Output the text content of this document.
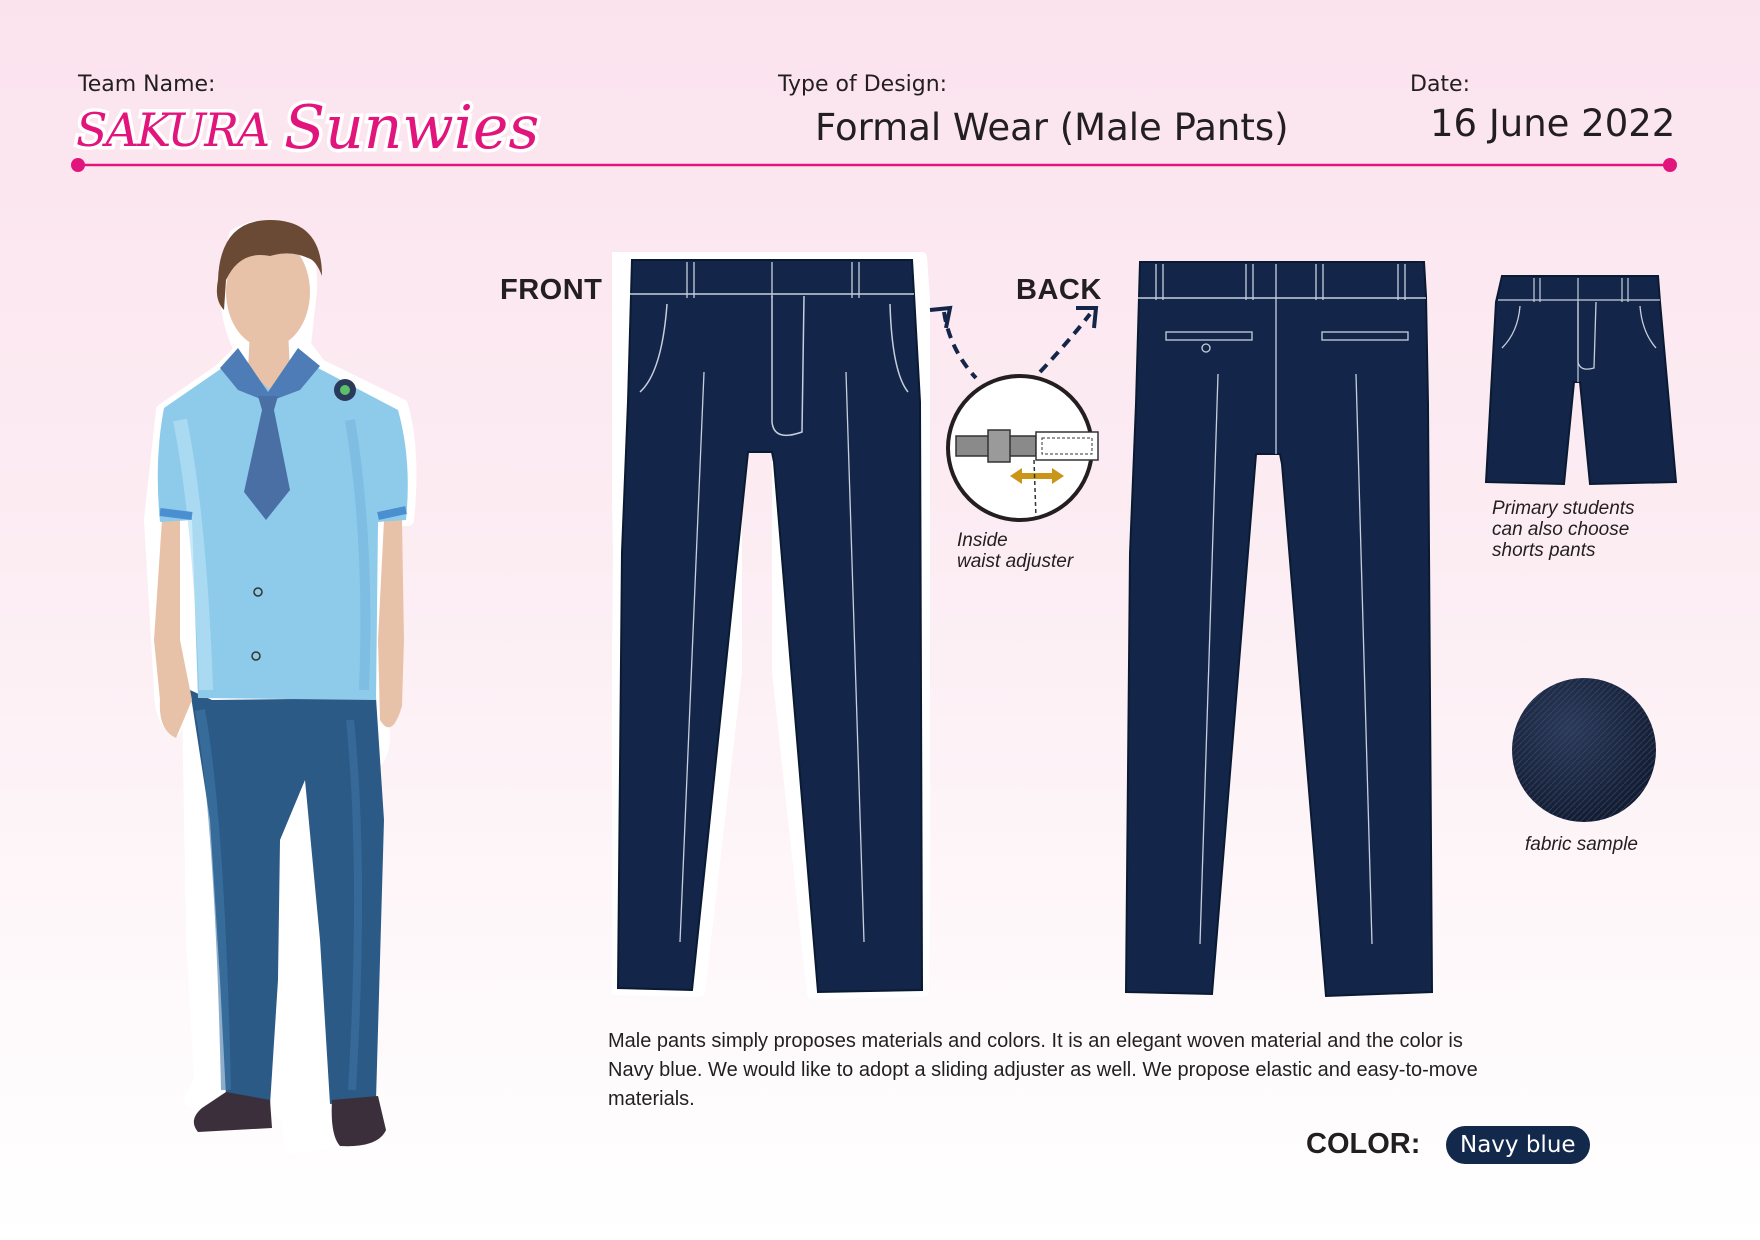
Team Name:
SAKURA Sunwies
Type of Design:
Formal Wear (Male Pants)
Date:
16 June 2022
FRONT	BACK
Inside
waist adjuster
Primary students
can also choose
shorts pants
fabric sample
Male pants simply proposes materials and colors. It is an elegant woven material and the color is Navy blue. We would like to adopt a sliding adjuster as well. We propose elastic and easy-to-move materials.
COLOR:	Navy blue
